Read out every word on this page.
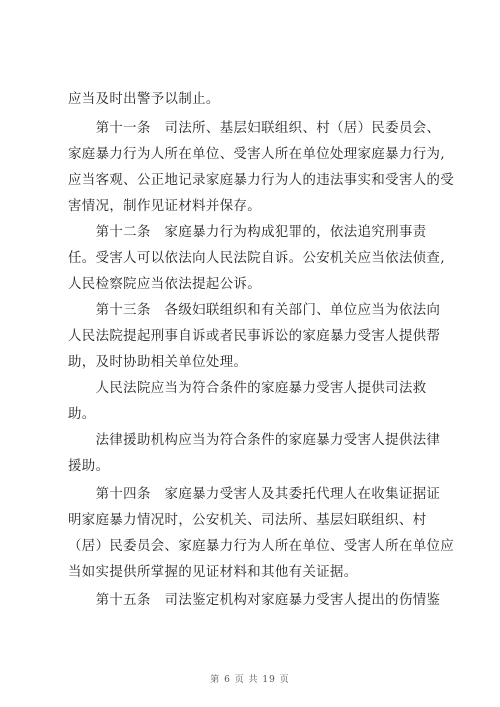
应当及时出警予以制止。
　　第十一条　司法所、基层妇联组织、村（居）民委员会、
家庭暴力行为人所在单位、受害人所在单位处理家庭暴力行为,
应当客观、公正地记录家庭暴力行为人的违法事实和受害人的受
害情况，制作见证材料并保存。
　　第十二条　家庭暴力行为构成犯罪的，依法追究刑事责
任。受害人可以依法向人民法院自诉。公安机关应当依法侦查,
人民检察院应当依法提起公诉。
　　第十三条　各级妇联组织和有关部门、单位应当为依法向
人民法院提起刑事自诉或者民事诉讼的家庭暴力受害人提供帮
助，及时协助相关单位处理。
　　人民法院应当为符合条件的家庭暴力受害人提供司法救
助。
　　法律援助机构应当为符合条件的家庭暴力受害人提供法律
援助。
　　第十四条　家庭暴力受害人及其委托代理人在收集证据证
明家庭暴力情况时，公安机关、司法所、基层妇联组织、村
（居）民委员会、家庭暴力行为人所在单位、受害人所在单位应
当如实提供所掌握的见证材料和其他有关证据。
　　第十五条　司法鉴定机构对家庭暴力受害人提出的伤情鉴
第 6 页 共 19 页
